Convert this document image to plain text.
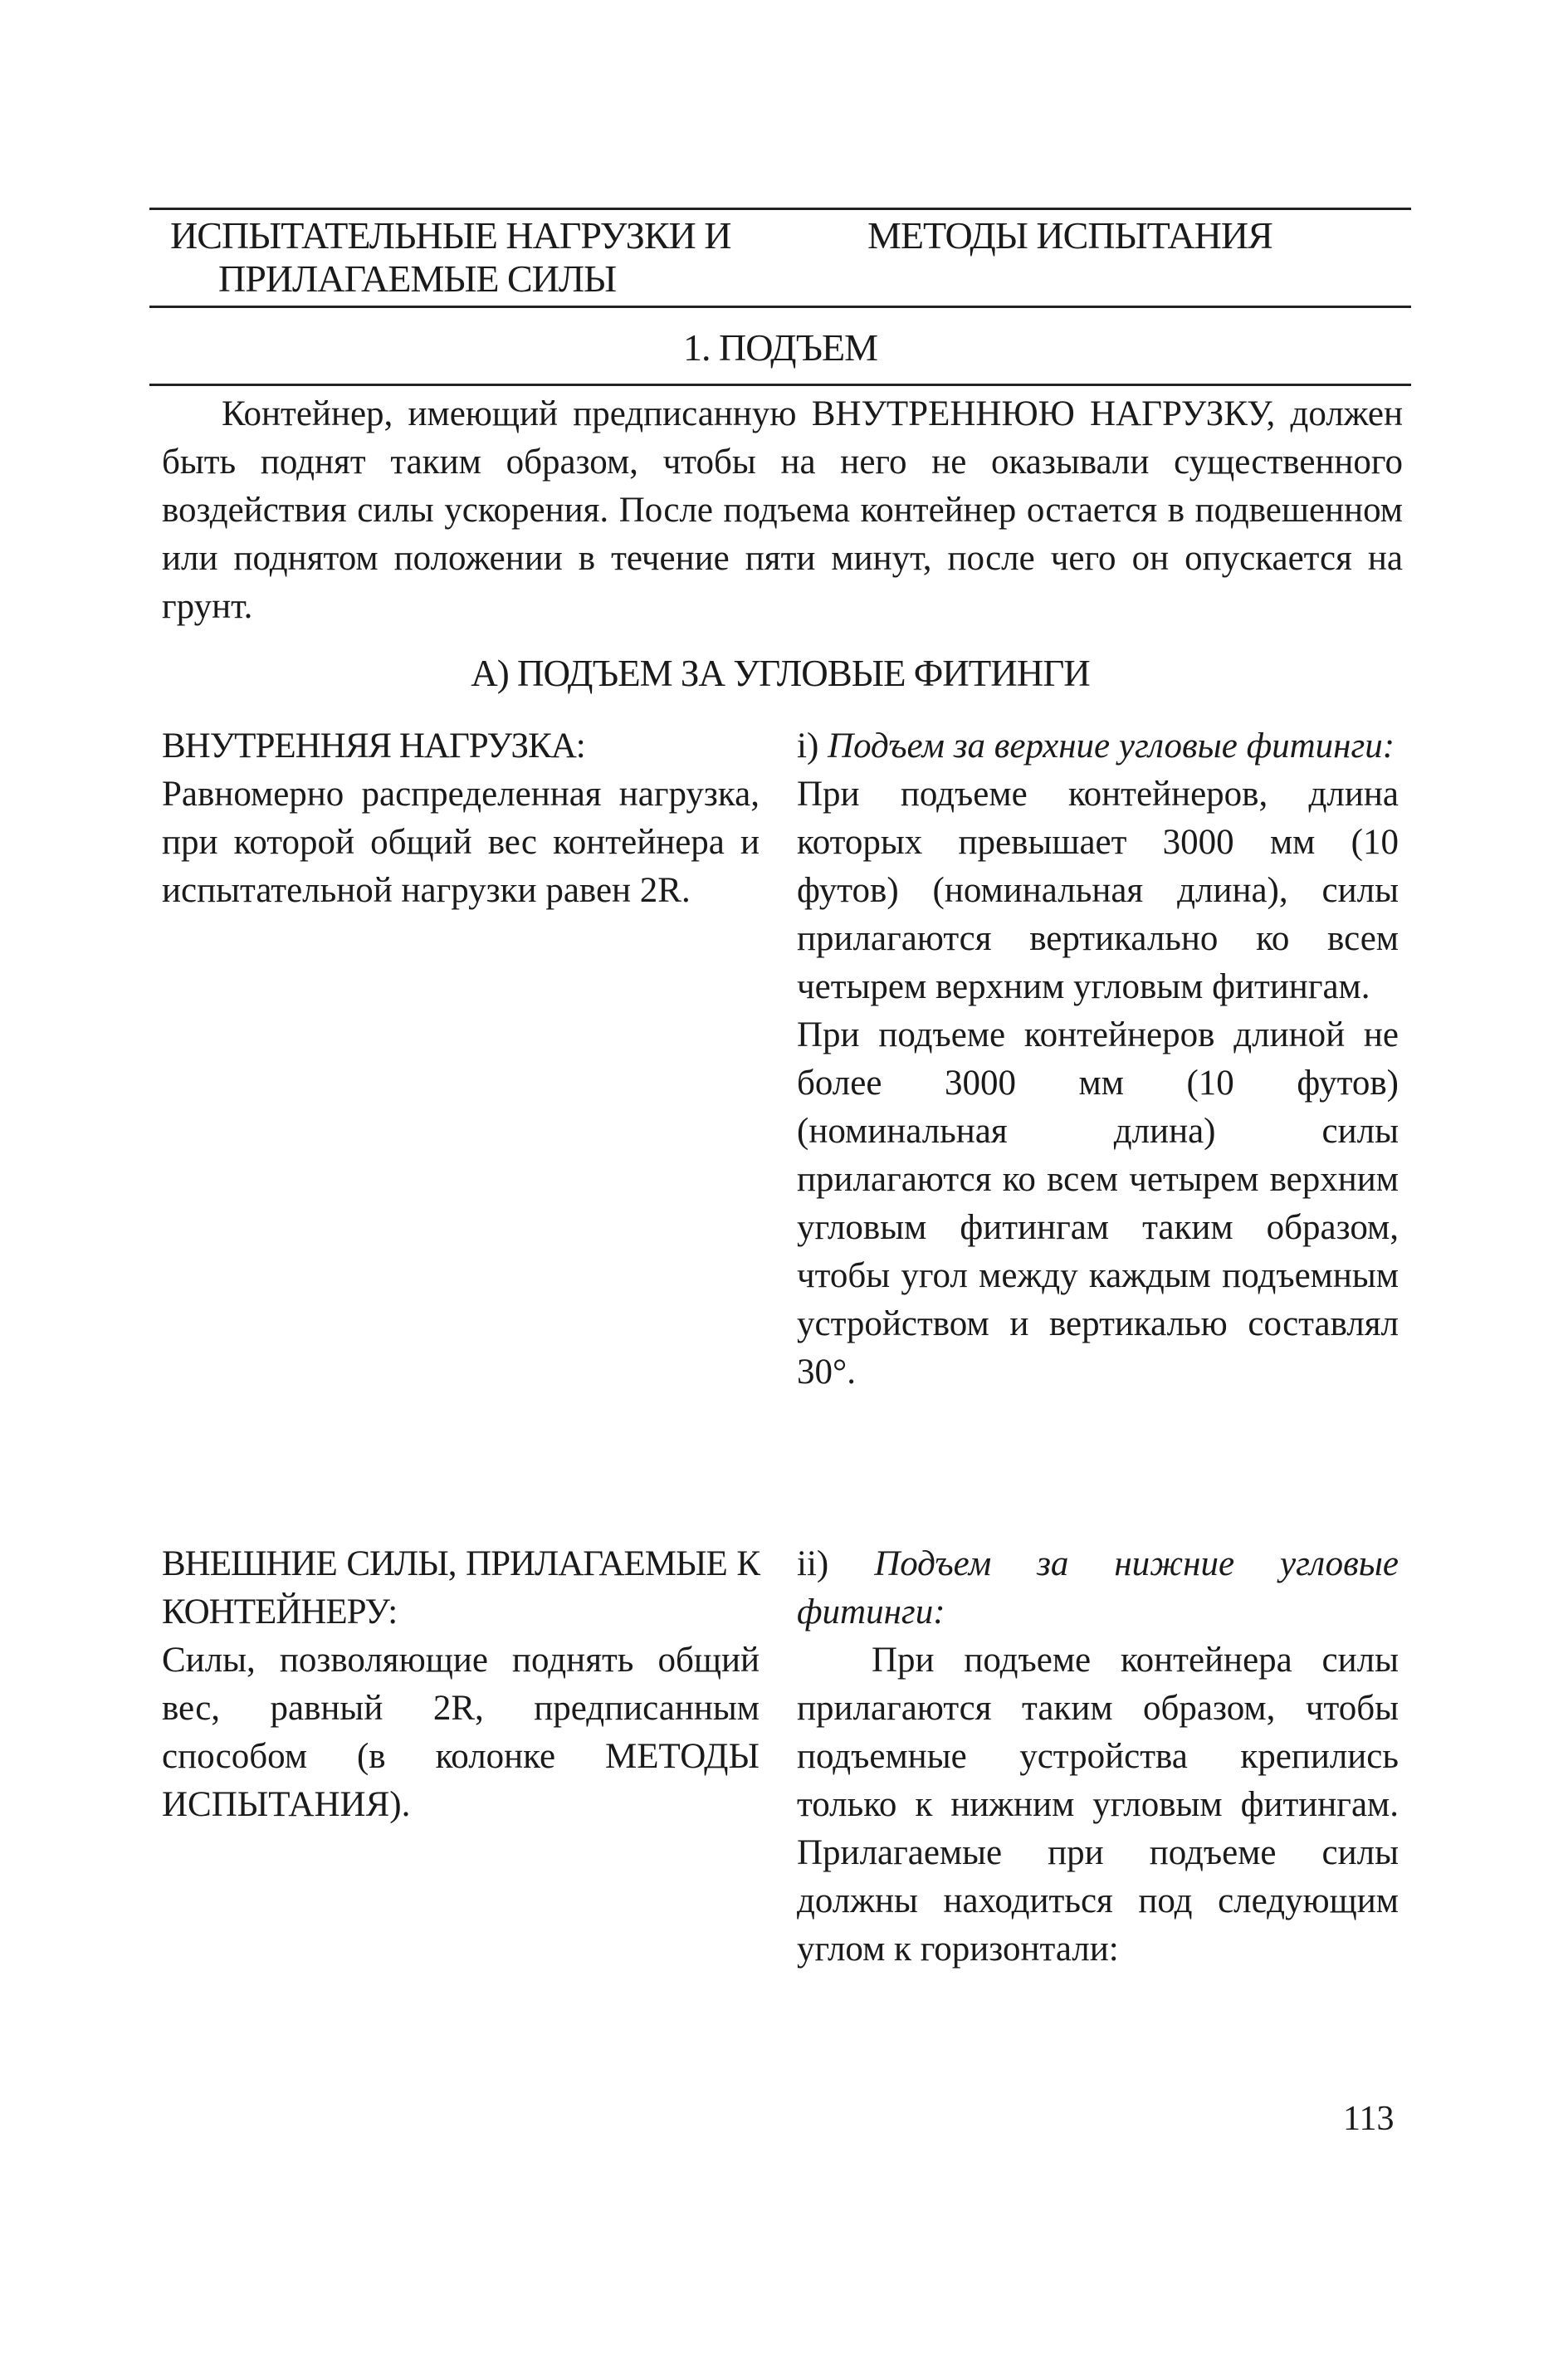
ИСПЫТАТЕЛЬНЫЕ НАГРУЗКИ И
ПРИЛАГАЕМЫЕ СИЛЫ
МЕТОДЫ ИСПЫТАНИЯ
1. ПОДЪЕМ

Контейнер, имеющий предписанную ВНУТРЕННЮЮ НАГРУЗКУ, должен быть поднят таким образом, чтобы на него не оказывали существенного воздействия силы ускорения. После подъема контейнер остается в подвешенном или поднятом положении в течение пяти минут, после чего он опускается на грунт.

А) ПОДЪЕМ ЗА УГЛОВЫЕ ФИТИНГИ
ВНУТРЕННЯЯ НАГРУЗКА:

Равномерно распределенная нагрузка, при которой общий вес контейнера и испытательной нагрузки равен 2R.

i) Подъем за верхние угловые фитинги:

При подъеме контейнеров, длина которых превышает 3000 мм (10 футов) (номинальная длина), силы прилагаются вертикально ко всем четырем верхним угловым фитингам.

При подъеме контейнеров длиной не более 3000 мм (10 футов) (номинальная длина) силы прилагаются ко всем четырем верхним угловым фитингам таким образом, чтобы угол между каждым подъемным устройством и вертикалью составлял 30°.

ВНЕШНИЕ СИЛЫ, ПРИЛАГАЕМЫЕ К КОНТЕЙНЕРУ:

Силы, позволяющие поднять общий вес, равный 2R, предписанным способом (в колонке МЕТОДЫ ИСПЫТАНИЯ).

ii) Подъем за нижние угловые фитинги:

При подъеме контейнера силы прилагаются таким образом, чтобы подъемные устройства крепились только к нижним угловым фитингам. Прилагаемые при подъеме силы должны находиться под следующим углом к горизонтали:

113
